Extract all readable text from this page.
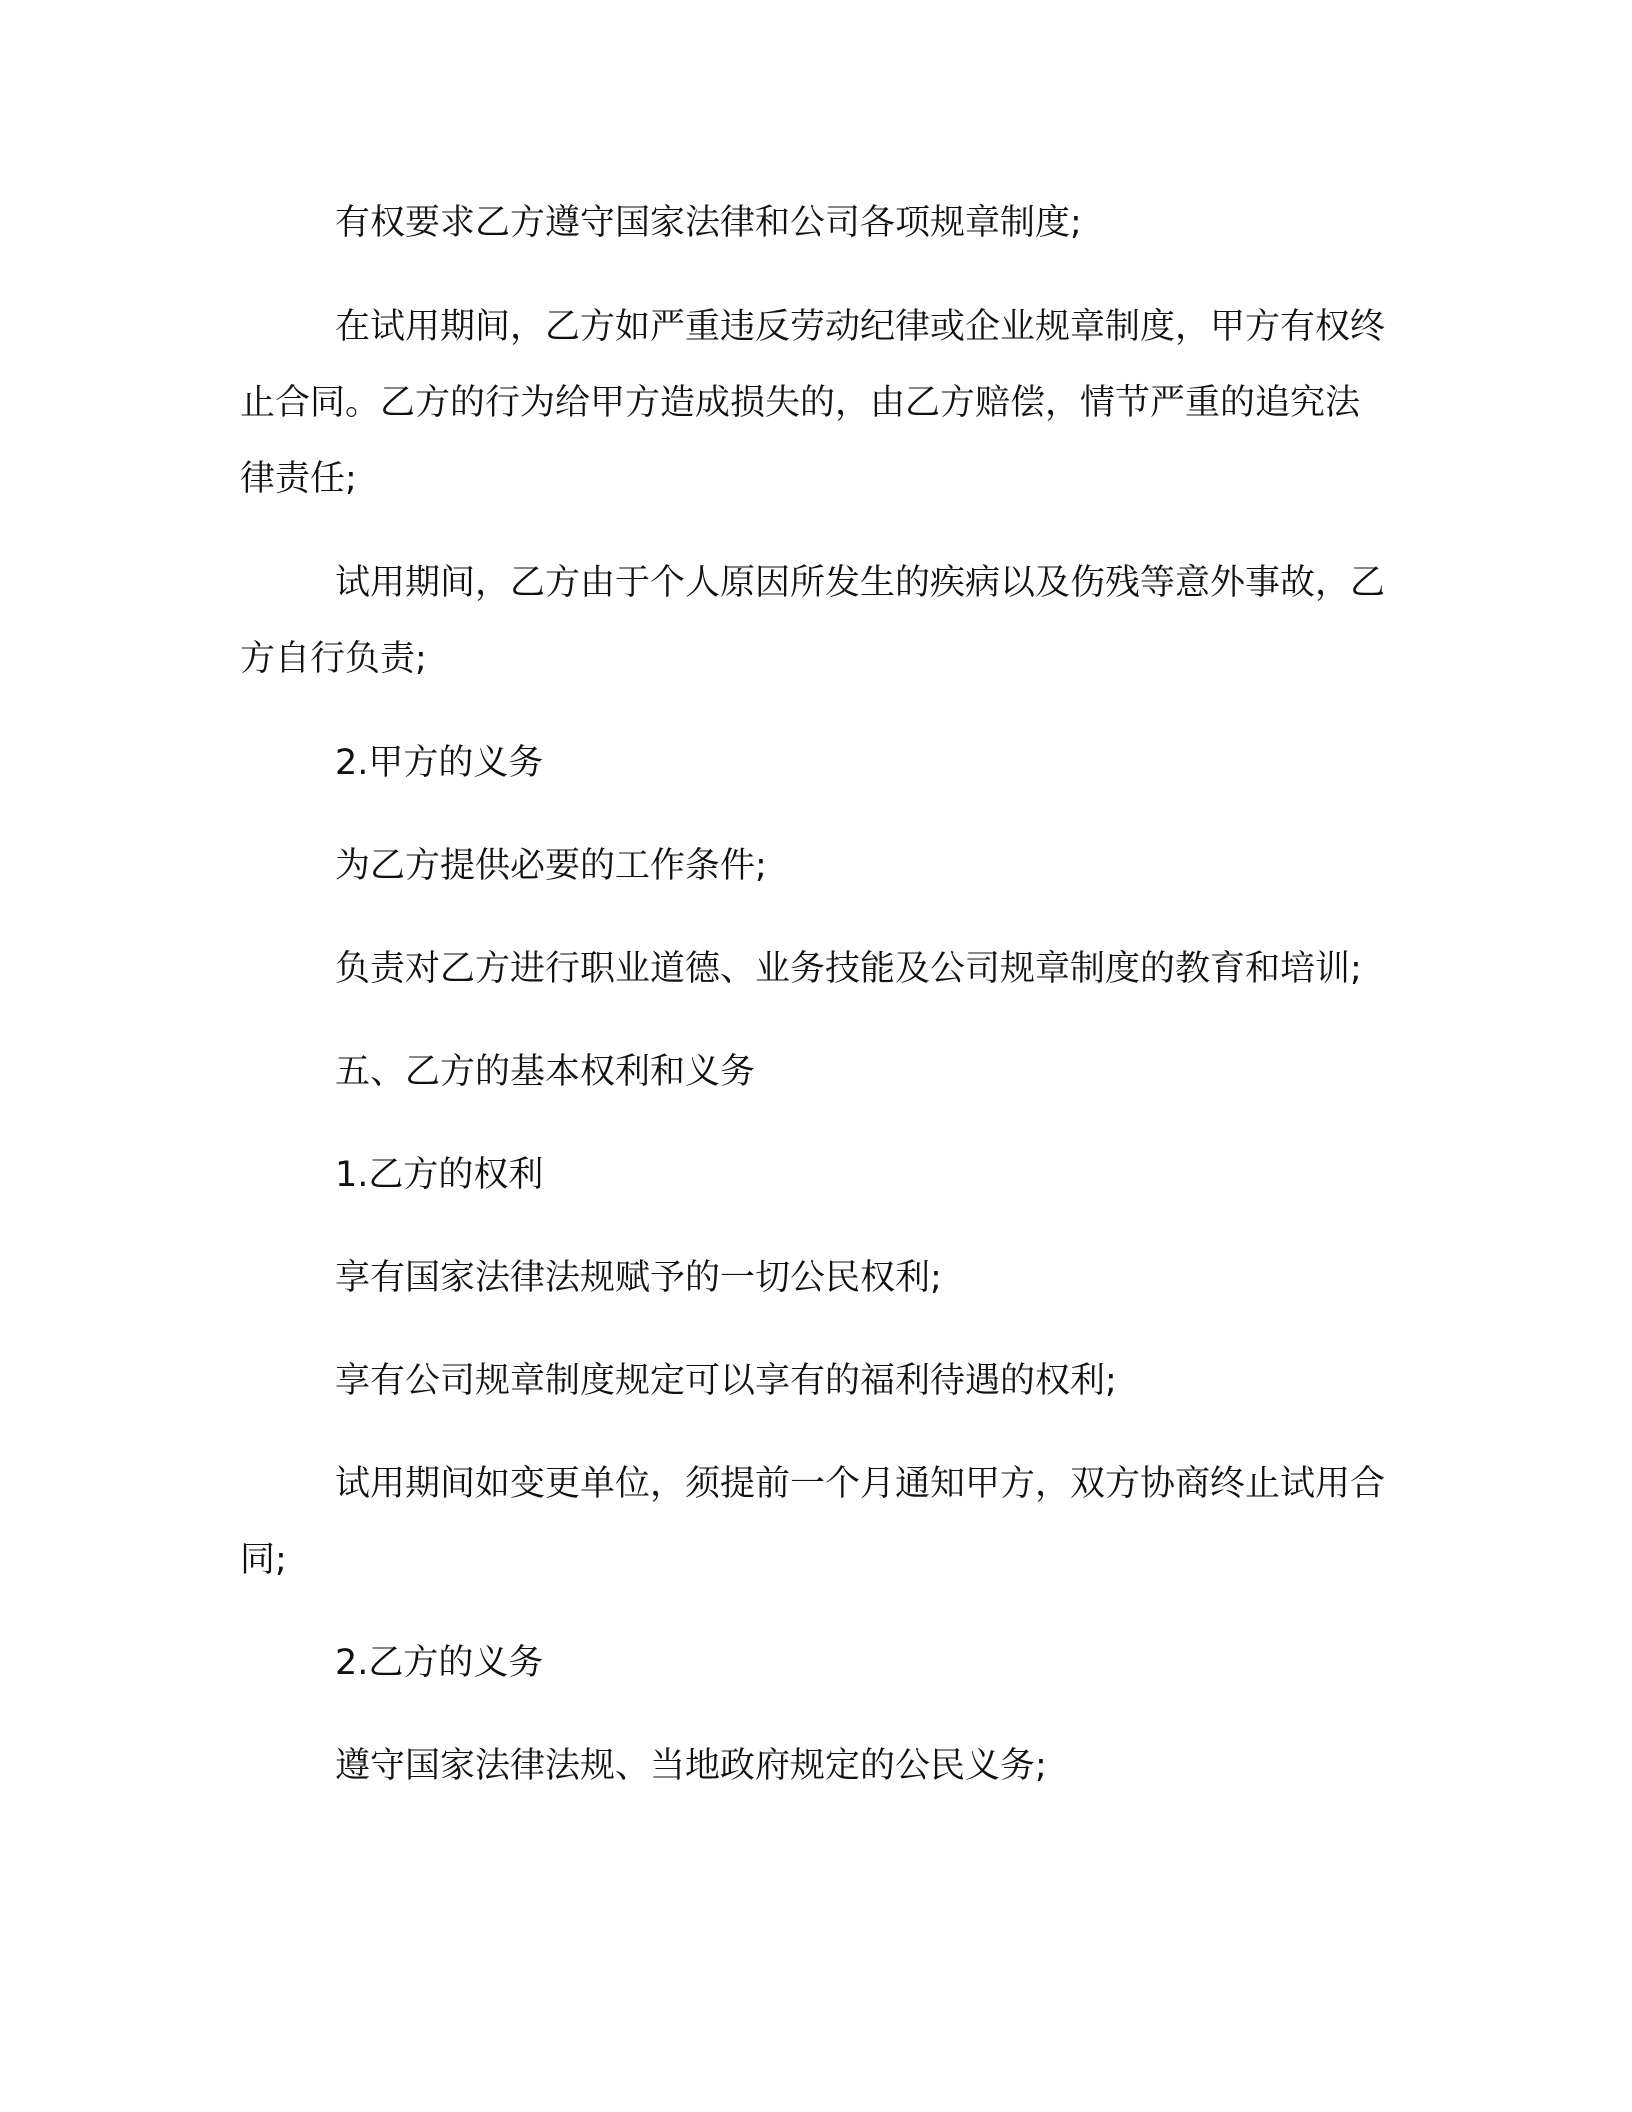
有权要求乙方遵守国家法律和公司各项规章制度;

在试用期间，乙方如严重违反劳动纪律或企业规章制度，甲方有权终止合同。乙方的行为给甲方造成损失的，由乙方赔偿，情节严重的追究法律责任;

试用期间，乙方由于个人原因所发生的疾病以及伤残等意外事故，乙方自行负责;

2.甲方的义务

为乙方提供必要的工作条件;

负责对乙方进行职业道德、业务技能及公司规章制度的教育和培训;

五、乙方的基本权利和义务

1.乙方的权利

享有国家法律法规赋予的一切公民权利;

享有公司规章制度规定可以享有的福利待遇的权利;

试用期间如变更单位，须提前一个月通知甲方，双方协商终止试用合同;

2.乙方的义务

遵守国家法律法规、当地政府规定的公民义务;
